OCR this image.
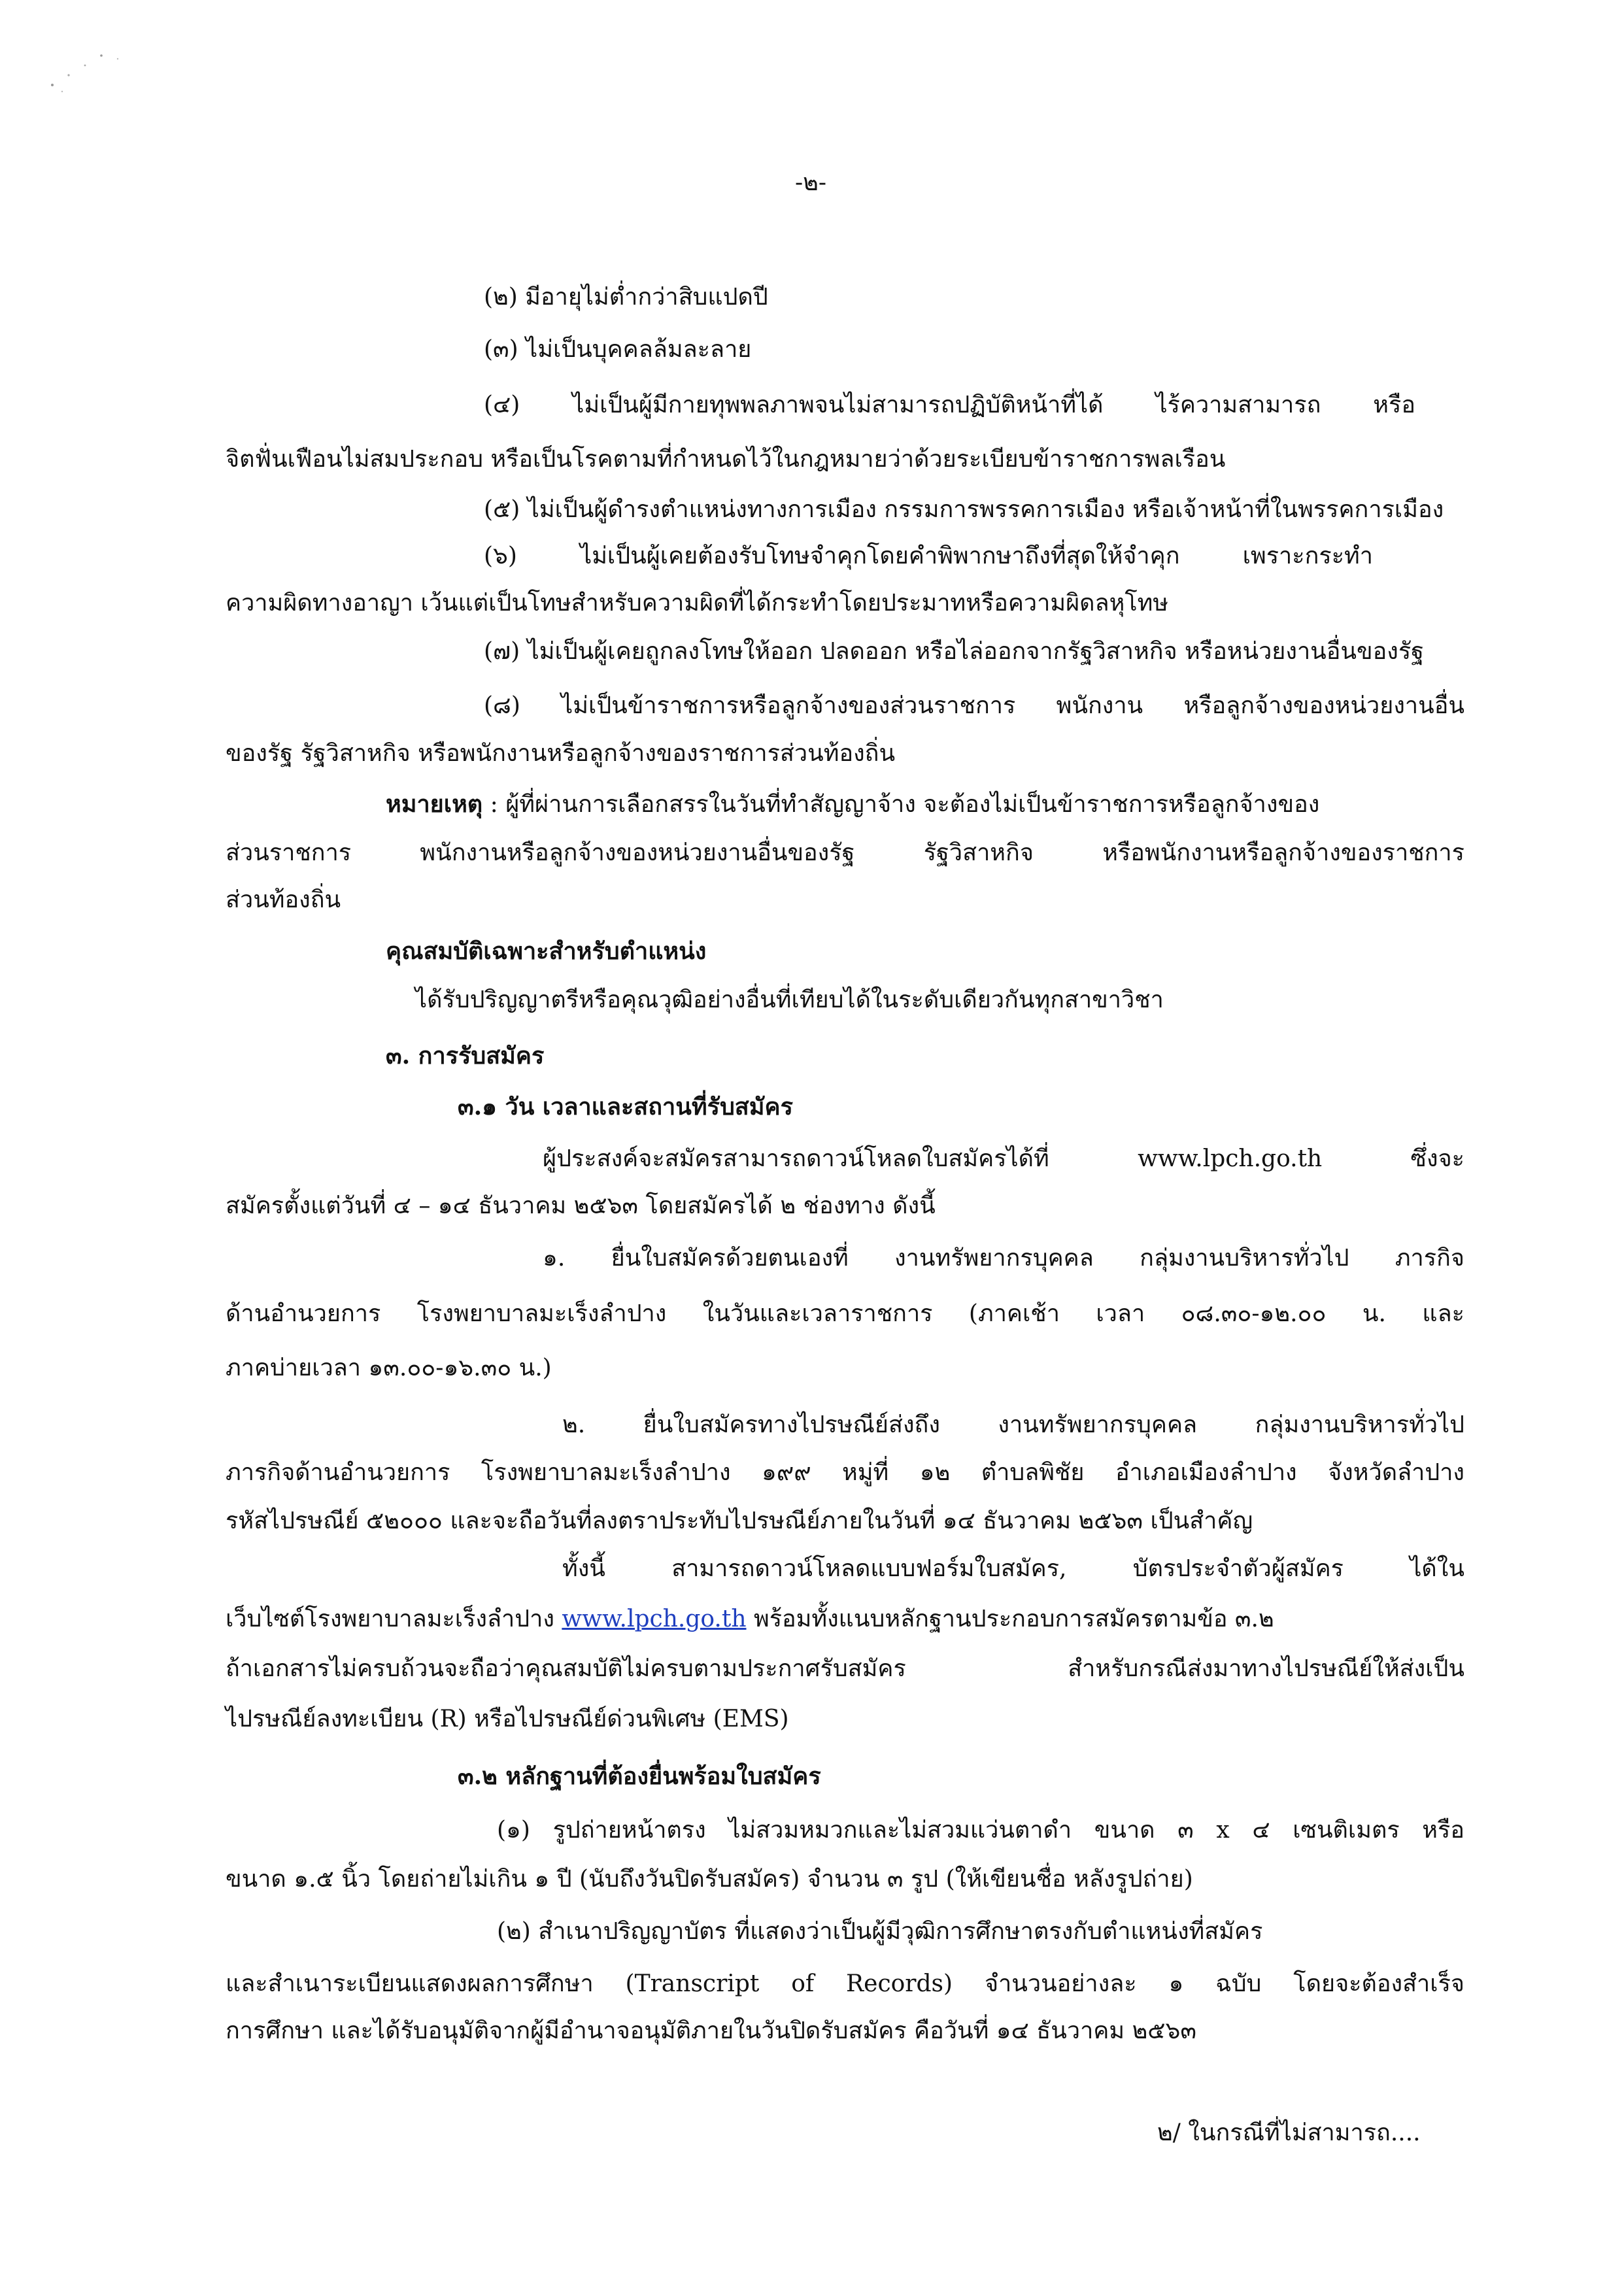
-๒-
(๒) มีอายุไม่ต่ำกว่าสิบแปดปี
(๓) ไม่เป็นบุคคลล้มละลาย
(๔) ไม่เป็นผู้มีกายทุพพลภาพจนไม่สามารถปฏิบัติหน้าที่ได้ ไร้ความสามารถ หรือ
จิตฟั่นเฟือนไม่สมประกอบ หรือเป็นโรคตามที่กำหนดไว้ในกฎหมายว่าด้วยระเบียบข้าราชการพลเรือน
(๕) ไม่เป็นผู้ดำรงตำแหน่งทางการเมือง กรรมการพรรคการเมือง หรือเจ้าหน้าที่ในพรรคการเมือง
(๖) ไม่เป็นผู้เคยต้องรับโทษจำคุกโดยคำพิพากษาถึงที่สุดให้จำคุก เพราะกระทำ
ความผิดทางอาญา เว้นแต่เป็นโทษสำหรับความผิดที่ได้กระทำโดยประมาทหรือความผิดลหุโทษ
(๗) ไม่เป็นผู้เคยถูกลงโทษให้ออก ปลดออก หรือไล่ออกจากรัฐวิสาหกิจ หรือหน่วยงานอื่นของรัฐ
(๘) ไม่เป็นข้าราชการหรือลูกจ้างของส่วนราชการ พนักงาน หรือลูกจ้างของหน่วยงานอื่น
ของรัฐ รัฐวิสาหกิจ หรือพนักงานหรือลูกจ้างของราชการส่วนท้องถิ่น
หมายเหตุ : ผู้ที่ผ่านการเลือกสรรในวันที่ทำสัญญาจ้าง จะต้องไม่เป็นข้าราชการหรือลูกจ้างของ
ส่วนราชการ พนักงานหรือลูกจ้างของหน่วยงานอื่นของรัฐ รัฐวิสาหกิจ หรือพนักงานหรือลูกจ้างของราชการ
ส่วนท้องถิ่น
คุณสมบัติเฉพาะสำหรับตำแหน่ง
ได้รับปริญญาตรีหรือคุณวุฒิอย่างอื่นที่เทียบได้ในระดับเดียวกันทุกสาขาวิชา
๓. การรับสมัคร
๓.๑ วัน เวลาและสถานที่รับสมัคร
ผู้ประสงค์จะสมัครสามารถดาวน์โหลดใบสมัครได้ที่ www.lpch.go.th ซึ่งจะ
สมัครตั้งแต่วันที่ ๔ – ๑๔ ธันวาคม ๒๕๖๓ โดยสมัครได้ ๒ ช่องทาง ดังนี้
๑. ยื่นใบสมัครด้วยตนเองที่ งานทรัพยากรบุคคล กลุ่มงานบริหารทั่วไป ภารกิจ
ด้านอำนวยการ โรงพยาบาลมะเร็งลำปาง ในวันและเวลาราชการ (ภาคเช้า เวลา ๐๘.๓๐-๑๒.๐๐ น. และ
ภาคบ่ายเวลา ๑๓.๐๐-๑๖.๓๐ น.)
๒. ยื่นใบสมัครทางไปรษณีย์ส่งถึง งานทรัพยากรบุคคล กลุ่มงานบริหารทั่วไป
ภารกิจด้านอำนวยการ โรงพยาบาลมะเร็งลำปาง ๑๙๙ หมู่ที่ ๑๒ ตำบลพิชัย อำเภอเมืองลำปาง จังหวัดลำปาง
รหัสไปรษณีย์ ๕๒๐๐๐ และจะถือวันที่ลงตราประทับไปรษณีย์ภายในวันที่ ๑๔ ธันวาคม ๒๕๖๓ เป็นสำคัญ
ทั้งนี้ สามารถดาวน์โหลดแบบฟอร์มใบสมัคร, บัตรประจำตัวผู้สมัคร ได้ใน
เว็บไซต์โรงพยาบาลมะเร็งลำปาง www.lpch.go.th พร้อมทั้งแนบหลักฐานประกอบการสมัครตามข้อ ๓.๒
ถ้าเอกสารไม่ครบถ้วนจะถือว่าคุณสมบัติไม่ครบตามประกาศรับสมัคร สำหรับกรณีส่งมาทางไปรษณีย์ให้ส่งเป็น
ไปรษณีย์ลงทะเบียน (R) หรือไปรษณีย์ด่วนพิเศษ (EMS)
๓.๒ หลักฐานที่ต้องยื่นพร้อมใบสมัคร
(๑) รูปถ่ายหน้าตรง ไม่สวมหมวกและไม่สวมแว่นตาดำ ขนาด ๓ x ๔ เซนติเมตร หรือ
ขนาด ๑.๕ นิ้ว โดยถ่ายไม่เกิน ๑ ปี (นับถึงวันปิดรับสมัคร) จำนวน ๓ รูป (ให้เขียนชื่อ หลังรูปถ่าย)
(๒) สำเนาปริญญาบัตร ที่แสดงว่าเป็นผู้มีวุฒิการศึกษาตรงกับตำแหน่งที่สมัคร
และสำเนาระเบียนแสดงผลการศึกษา (Transcript of Records) จำนวนอย่างละ ๑ ฉบับ โดยจะต้องสำเร็จ
การศึกษา และได้รับอนุมัติจากผู้มีอำนาจอนุมัติภายในวันปิดรับสมัคร คือวันที่ ๑๔ ธันวาคม ๒๕๖๓
๒/ ในกรณีที่ไม่สามารถ....
